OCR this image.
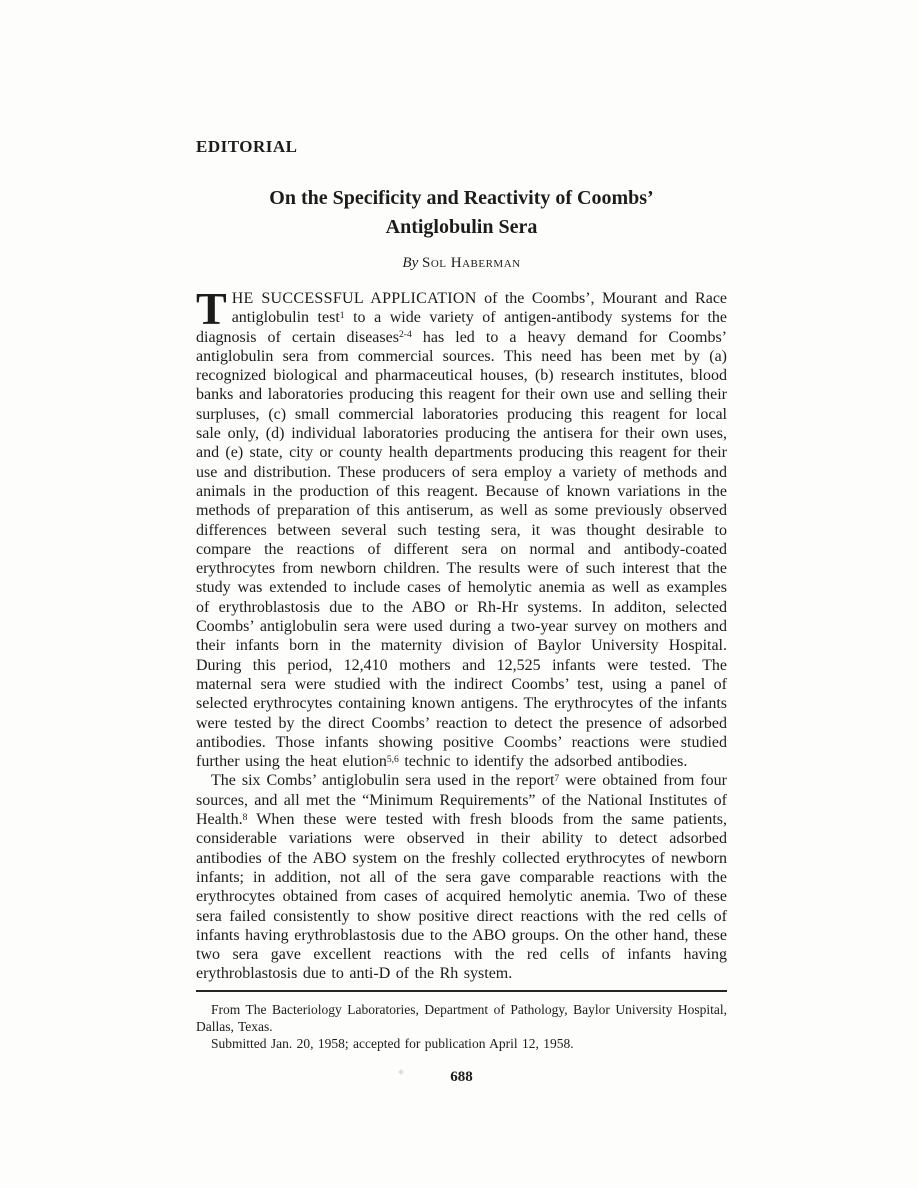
EDITORIAL
On the Specificity and Reactivity of Coombs’
Antiglobulin Sera
By Sol Haberman

T HE SUCCESSFUL APPLICATION of the Coombs’, Mourant and Race antiglobulin test$^1$ to a wide variety of antigen-antibody systems for the diagnosis of certain diseases$^{2-4}$ has led to a heavy demand for Coombs’ antiglobulin sera from commercial sources. This need has been met by (a) recognized biological and pharmaceutical houses, (b) research institutes, blood banks and laboratories producing this reagent for their own use and selling their surpluses, (c) small commercial laboratories producing this reagent for local sale only, (d) individual laboratories producing the antisera for their own uses, and (e) state, city or county health departments producing this reagent for their use and distribution. These producers of sera employ a variety of methods and animals in the production of this reagent. Because of known variations in the methods of preparation of this antiserum, as well as some previously observed differences between several such testing sera, it was thought desirable to compare the reactions of different sera on normal and antibody-coated erythrocytes from newborn children. The results were of such interest that the study was extended to include cases of hemolytic anemia as well as examples of erythroblastosis due to the ABO or Rh-Hr systems. In additon, selected Coombs’ antiglobulin sera were used during a two-year survey on mothers and their infants born in the maternity division of Baylor University Hospital. During this period, 12,410 mothers and 12,525 infants were tested. The maternal sera were studied with the indirect Coombs’ test, using a panel of selected erythrocytes containing known antigens. The erythrocytes of the infants were tested by the direct Coombs’ reaction to detect the presence of adsorbed antibodies. Those infants showing positive Coombs’ reactions were studied further using the heat elution$^{5,6}$ technic to identify the adsorbed antibodies.

The six Combs’ antiglobulin sera used in the report$^7$ were obtained from four sources, and all met the “Minimum Requirements” of the National Institutes of Health.$^8$ When these were tested with fresh bloods from the same patients, considerable variations were observed in their ability to detect adsorbed antibodies of the ABO system on the freshly collected erythrocytes of newborn infants; in addition, not all of the sera gave comparable reactions with the erythrocytes obtained from cases of acquired hemolytic anemia. Two of these sera failed consistently to show positive direct reactions with the red cells of infants having erythroblastosis due to the ABO groups. On the other hand, these two sera gave excellent reactions with the red cells of infants having erythroblastosis due to anti-D of the Rh system.

From The Bacteriology Laboratories, Department of Pathology, Baylor University Hospital, Dallas, Texas.

Submitted Jan. 20, 1958; accepted for publication April 12, 1958.

688
